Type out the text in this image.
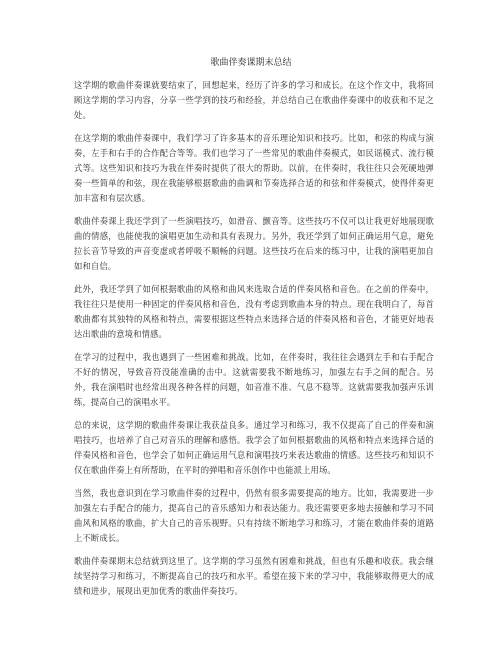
歌曲伴奏课期末总结

这学期的歌曲伴奏课就要结束了，回想起来，经历了许多的学习和成长。在这个作文中，我将回顾这学期的学习内容，分享一些学到的技巧和经验，并总结自己在歌曲伴奏课中的收获和不足之处。

在这学期的歌曲伴奏课中，我们学习了许多基本的音乐理论知识和技巧。比如，和弦的构成与演奏，左手和右手的合作配合等等。我们也学习了一些常见的歌曲伴奏模式，如民谣模式、流行模式等。这些知识和技巧为我在伴奏时提供了很大的帮助。以前，在伴奏时，我往往只会死硬地弹奏一些简单的和弦，现在我能够根据歌曲的曲调和节奏选择合适的和弦和伴奏模式，使得伴奏更加丰富和有层次感。

歌曲伴奏课上我还学到了一些演唱技巧，如滑音、颤音等。这些技巧不仅可以让我更好地展现歌曲的情感，也能使我的演唱更加生动和具有表现力。另外，我还学到了如何正确运用气息，避免拉长音节导致的声音变虚或者呼吸不顺畅的问题。这些技巧在后来的练习中，让我的演唱更加自如和自信。

此外，我还学到了如何根据歌曲的风格和曲风来选取合适的伴奏风格和音色。在之前的伴奏中，我往往只是使用一种固定的伴奏风格和音色，没有考虑到歌曲本身的特点。现在我明白了，每首歌曲都有其独特的风格和特点，需要根据这些特点来选择合适的伴奏风格和音色，才能更好地表达出歌曲的意境和情感。

在学习的过程中，我也遇到了一些困难和挑战。比如，在伴奏时，我往往会遇到左手和右手配合不好的情况，导致音符没能准确的击中。这就需要我不断地练习，加强左右手之间的配合。另外，我在演唱时也经常出现各种各样的问题，如音准不准、气息不稳等。这就需要我加强声乐训练，提高自己的演唱水平。

总的来说，这学期的歌曲伴奏课让我获益良多。通过学习和练习，我不仅提高了自己的伴奏和演唱技巧，也培养了自己对音乐的理解和感悟。我学会了如何根据歌曲的风格和特点来选择合适的伴奏风格和音色，也学会了如何正确运用气息和演唱技巧来表达歌曲的情感。这些技巧和知识不仅在歌曲伴奏上有所帮助，在平时的弹唱和音乐创作中也能派上用场。

当然，我也意识到在学习歌曲伴奏的过程中，仍然有很多需要提高的地方。比如，我需要进一步加强左右手配合的能力，提高自己的音乐感知力和表达能力。我还需要更多地去接触和学习不同曲风和风格的歌曲，扩大自己的音乐视野。只有持续不断地学习和练习，才能在歌曲伴奏的道路上不断成长。

歌曲伴奏课期末总结就到这里了。这学期的学习虽然有困难和挑战，但也有乐趣和收获。我会继续坚持学习和练习，不断提高自己的技巧和水平。希望在接下来的学习中，我能够取得更大的成绩和进步，展现出更加优秀的歌曲伴奏技巧。
